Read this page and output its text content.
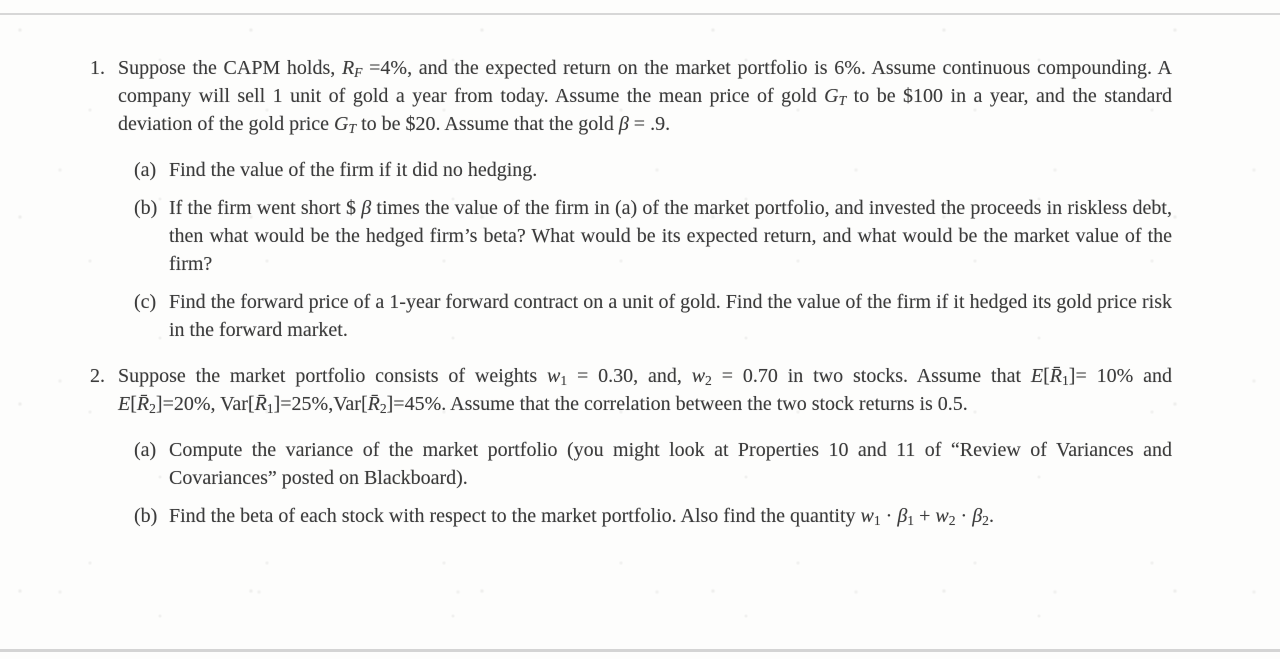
1. Suppose the CAPM holds, $R_F =4\%$, and the expected return on the market portfolio is 6%. Assume continuous compounding. A company will sell 1 unit of gold a year from today. Assume the mean price of gold $G_T$ to be $100 in a year, and the standard deviation of the gold price $G_T$ to be $20. Assume that the gold β = .9.

(a) Find the value of the firm if it did no hedging.

(b) If the firm went short $ β times the value of the firm in (a) of the market portfolio, and invested the proceeds in riskless debt, then what would be the hedged firm’s beta? What would be its expected return, and what would be the market value of the firm?

(c) Find the forward price of a 1-year forward contract on a unit of gold. Find the value of the firm if it hedged its gold price risk in the forward market.

2. Suppose the market portfolio consists of weights $w_1 = 0.30$, and, $w_2 = 0.70$ in two stocks. Assume that $E[R̄_1]= 10\%$ and $E[R̄_2]=20\%$, $Var[R̄_1]=25\%,Var[R̄_2]=45\%$. Assume that the correlation between the two stock returns is 0.5.

(a) Compute the variance of the market portfolio (you might look at Properties 10 and 11 of “Review of Variances and Covariances” posted on Blackboard).

(b) Find the beta of each stock with respect to the market portfolio. Also find the quantity $w_1 \cdot \beta_1 + w_2 \cdot \beta_2$.
